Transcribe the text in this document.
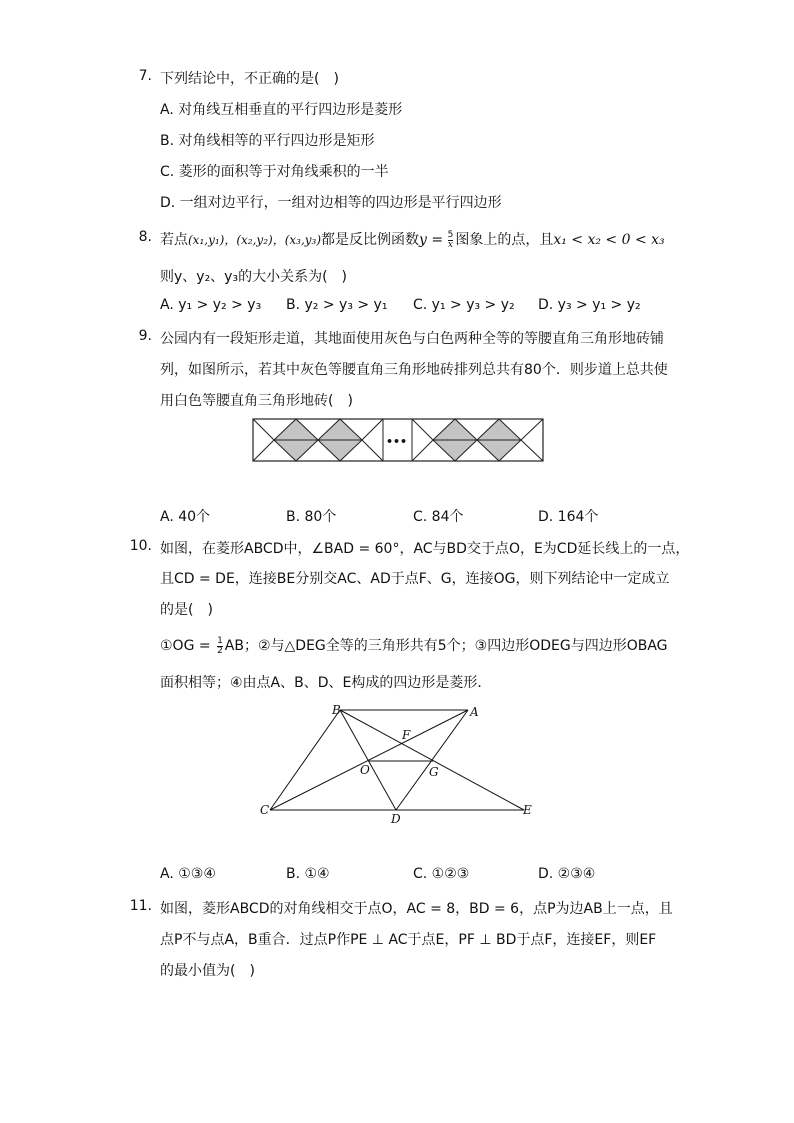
7. 下列结论中，不正确的是(　)
A. 对角线互相垂直的平行四边形是菱形
B. 对角线相等的平行四边形是矩形
C. 菱形的面积等于对角线乘积的一半
D. 一组对边平行，一组对边相等的四边形是平行四边形
8. 若点(x₁,y₁)，(x₂,y₂)，(x₃,y₃)都是反比例函数$y = \frac{5}{x}$ 图象上的点，且x₁ < x₂ < 0 < x₃
则y、y₂、y₃的大小关系为(　)
A. y₁ > y₂ > y₃ B. y₂ > y₃ > y₁ C. y₁ > y₃ > y₂ D. y₃ > y₁ > y₂
9. 公园内有一段矩形走道，其地面使用灰色与白色两种全等的等腰直角三角形地砖铺
列，如图所示，若其中灰色等腰直角三角形地砖排列总共有80个．则步道上总共使
用白色等腰直角三角形地砖(　)
•••
A. 40个	B. 80个	C. 84个	D. 164个
10. 如图，在菱形ABCD中，∠BAD = 60°，AC与BD交于点O，E为CD延长线上的一点，
且CD = DE，连接BE分别交AC、AD于点F、G，连接OG，则下列结论中一定成立
的是(　)
①OG = $\frac{1}{2}$ AB；②与△DEG全等的三角形共有5个；③四边形ODEG与四边形OBAG
面积相等；④由点A、B、D、E构成的四边形是菱形．
B	A
F
O	G
C
D
E
A. ①③④	B. ①④	C. ①②③	D. ②③④
11. 如图，菱形ABCD的对角线相交于点O，AC = 8，BD = 6，点P为边AB上一点，且
点P不与点A，B重合．过点P作PE ⊥ AC于点E，PF ⊥ BD于点F，连接EF，则EF
的最小值为(　)
